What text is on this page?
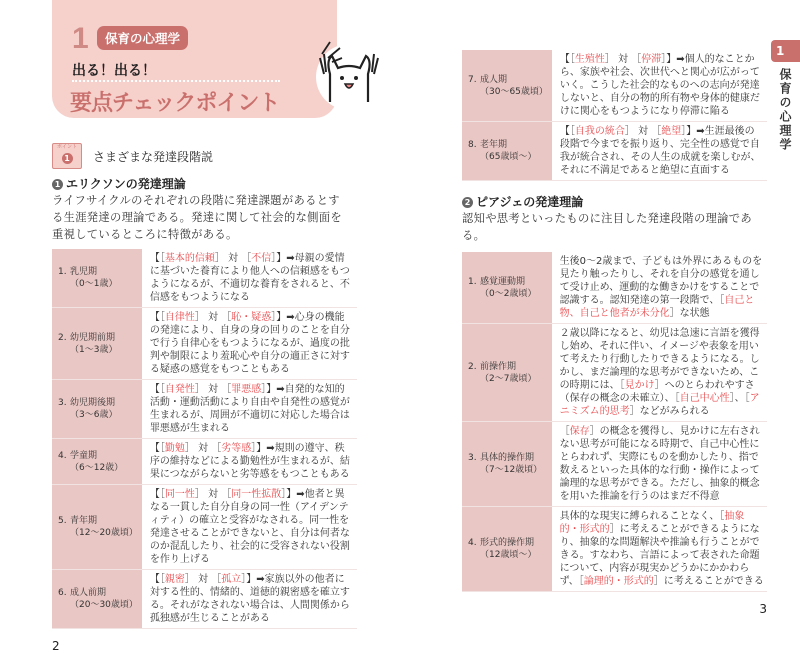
1	保育の心理学
出る！出る！
要点チェックポイント
ポイント
1 さまざまな発達段階説
1 エリクソンの発達理論
ライフサイクルのそれぞれの段階に発達課題があるとする生涯発達の理論である。発達に関して社会的な側面を重視しているところに特徴がある。
1. 乳児期
（0〜1歳）	【［基本的信頼］ 対 ［不信］】➡母親の愛情に基づいた養育により他人への信頼感をもつようになるが、不適切な養育をされると、不信感をもつようになる
2. 幼児期前期
（1〜3歳）	【［自律性］ 対 ［恥・疑惑］】➡心身の機能の発達により、自身の身の回りのことを自分で行う自律心をもつようになるが、過度の批判や制限により羞恥心や自分の適正さに対する疑惑の感覚をもつこともある
3. 幼児期後期
（3〜6歳）	【［自発性］ 対 ［罪悪感］】➡自発的な知的活動・運動活動により自由や自発性の感覚が生まれるが、周囲が不適切に対応した場合は罪悪感が生まれる
4. 学童期
（6〜12歳）	【［勤勉］ 対 ［劣等感］】➡規則の遵守、秩序の維持などによる勤勉性が生まれるが、結果につながらないと劣等感をもつこともある
5. 青年期
（12〜20歳頃）	【［同一性］ 対 ［同一性拡散］】➡他者と異なる一貫した自分自身の同一性（アイデンティティ）の確立と受容がなされる。同一性を発達させることができないと、自分は何者なのか混乱したり、社会的に受容されない役割を作り上げる
6. 成人前期
（20〜30歳頃）	【［親密］ 対 ［孤立］】➡家族以外の他者に対する性的、情緒的、道徳的親密感を確立する。それがなされない場合は、人間関係から孤独感が生じることがある
2
7. 成人期
（30〜65歳頃）	【［生殖性］ 対 ［停滞］】➡個人的なことから、家族や社会、次世代へと関心が広がっていく。こうした社会的なものへの志向が発達しないと、自分の物的所有物や身体的健康だけに関心をもつようになり停滞に陥る
8. 老年期
（65歳頃〜）	【［自我の統合］ 対 ［絶望］】➡生涯最後の段階で今までを振り返り、完全性の感覚で自我が統合され、その人生の成就を楽しむが、それに不満足であると絶望に直面する
2 ピアジェの発達理論
認知や思考といったものに注目した発達段階の理論である。
1. 感覚運動期
（0〜2歳頃）	生後0〜2歳まで、子どもは外界にあるものを見たり触ったりし、それを自分の感覚を通して受け止め、運動的な働きかけをすることで認識する。認知発達の第一段階で、［自己と物、自己と他者が未分化］な状態
2. 前操作期
（2〜7歳頃）	２歳以降になると、幼児は急速に言語を獲得し始め、それに伴い、イメージや表象を用いて考えたり行動したりできるようになる。しかし、まだ論理的な思考ができないため、この時期には、［見かけ］へのとらわれやすさ（保存の概念の未確立）、［自己中心性］、［アニミズム的思考］などがみられる
3. 具体的操作期
（7〜12歳頃）	［保存］の概念を獲得し、見かけに左右されない思考が可能になる時期で、自己中心性にとらわれず、実際にものを動かしたり、指で数えるといった具体的な行動・操作によって論理的な思考ができる。ただし、抽象的概念を用いた推論を行うのはまだ不得意
4. 形式的操作期
（12歳頃〜）	具体的な現実に縛られることなく、［抽象的・形式的］に考えることができるようになり、抽象的な問題解決や推論も行うことができる。すなわち、言語によって表された命題について、内容が現実かどうかにかかわらず、［論理的・形式的］に考えることができる
3
1
保育の心理学
